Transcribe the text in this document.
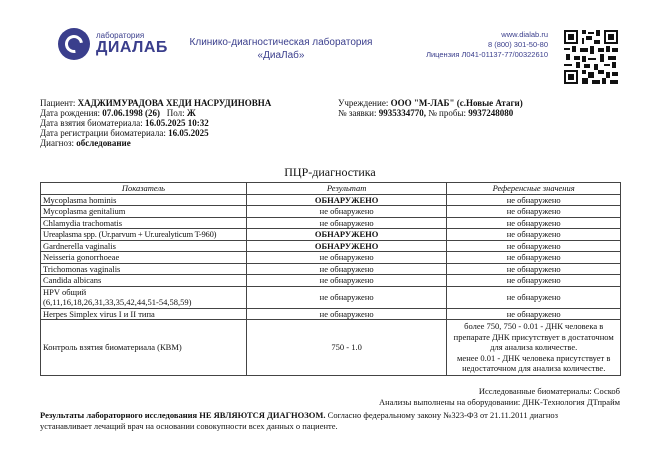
лаборатория
ДИАЛАБ	Клинико-диагностическая лаборатория
«ДиаЛаб»
www.dialab.ru
8 (800) 301-50-80
Лицензия Л041-01137-77/00322610
Пациент: ХАДЖИМУРАДОВА ХЕДИ НАСРУДИНОВНА
Дата рождения: 07.06.1998 (26) Пол: Ж
Дата взятия биоматериала: 16.05.2025 10:32
Дата регистрации биоматериала: 16.05.2025
Диагноз: обследование
Учреждение: ООО "М-ЛАБ" (с.Новые Атаги)
№ заявки: 9935334770, № пробы: 9937248080
ПЦР-диагностика
Показатель	Результат	Референсные значения
Mycoplasma hominis	ОБНАРУЖЕНО	не обнаружено
Mycoplasma genitalium	не обнаружено	не обнаружено
Chlamydia trachomatis	не обнаружено	не обнаружено
Ureaplasma spp. (Ur.parvum + Ur.urealyticum T-960)	ОБНАРУЖЕНО	не обнаружено
Gardnerella vaginalis	ОБНАРУЖЕНО	не обнаружено
Neisseria gonorrhoeae	не обнаружено	не обнаружено
Trichomonas vaginalis	не обнаружено	не обнаружено
Candida albicans	не обнаружено	не обнаружено

HPV общий
(6,11,16,18,26,31,33,35,42,44,51-54,58,59)	не обнаружено	не обнаружено
Herpes Simplex virus I и II типа	не обнаружено	не обнаружено
Контроль взятия биоматериала (КВМ)	750 - 1.0	более 750, 750 - 0.01 - ДНК человека в
препарате ДНК присутствует в достаточном
для анализа количестве.
менее 0.01 - ДНК человека присутствует в
недостаточном для анализа количестве.
Исследованные биоматериалы: Соскоб
Анализы выполнены на оборудовании: ДНК-Технология ДТпрайм
Результаты лабораторного исследования НЕ ЯВЛЯЮТСЯ ДИАГНОЗОМ. Согласно федеральному закону №323-ФЗ от 21.11.2011 диагноз
устанавливает лечащий врач на основании совокупности всех данных о пациенте.
